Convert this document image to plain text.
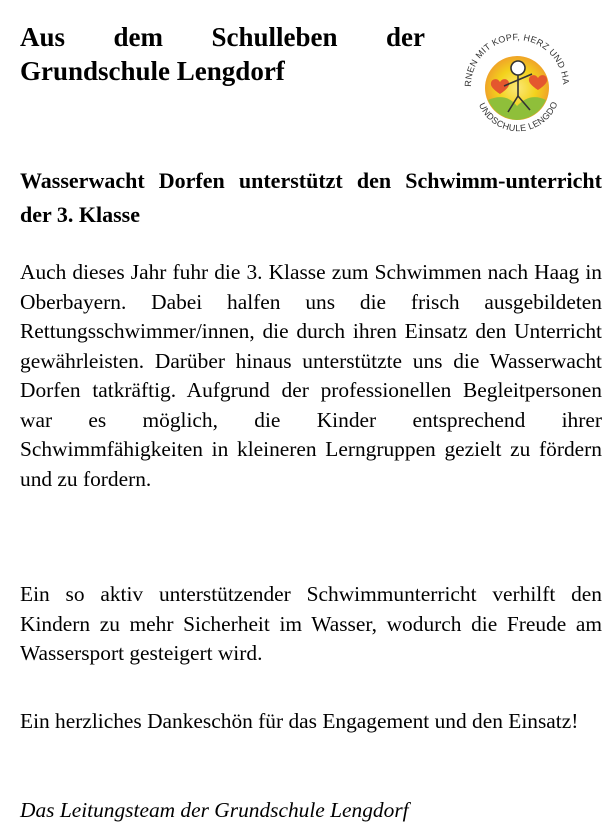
Aus dem Schulleben der
Grundschule Lengdorf	RNEN MIT KOPF, HERZ UND HA
UNDSCHULE LENGDO
Wasserwacht Dorfen unterstützt den Schwimm-unterricht der 3. Klasse
Auch dieses Jahr fuhr die 3. Klasse zum Schwimmen nach Haag in Oberbayern. Dabei halfen uns die frisch ausgebildeten Rettungsschwimmer/innen, die durch ihren Einsatz den Unterricht gewährleisten. Darüber hinaus unterstützte uns die Wasserwacht Dorfen tatkräftig. Aufgrund der professionellen Begleitpersonen war es möglich, die Kinder entsprechend ihrer Schwimmfähigkeiten in kleineren Lerngruppen gezielt zu fördern und zu fordern.
Ein so aktiv unterstützender Schwimmunterricht verhilft den Kindern zu mehr Sicherheit im Wasser, wodurch die Freude am Wassersport gesteigert wird.
Ein herzliches Dankeschön für das Engagement und den Einsatz!
Das Leitungsteam der Grundschule Lengdorf
